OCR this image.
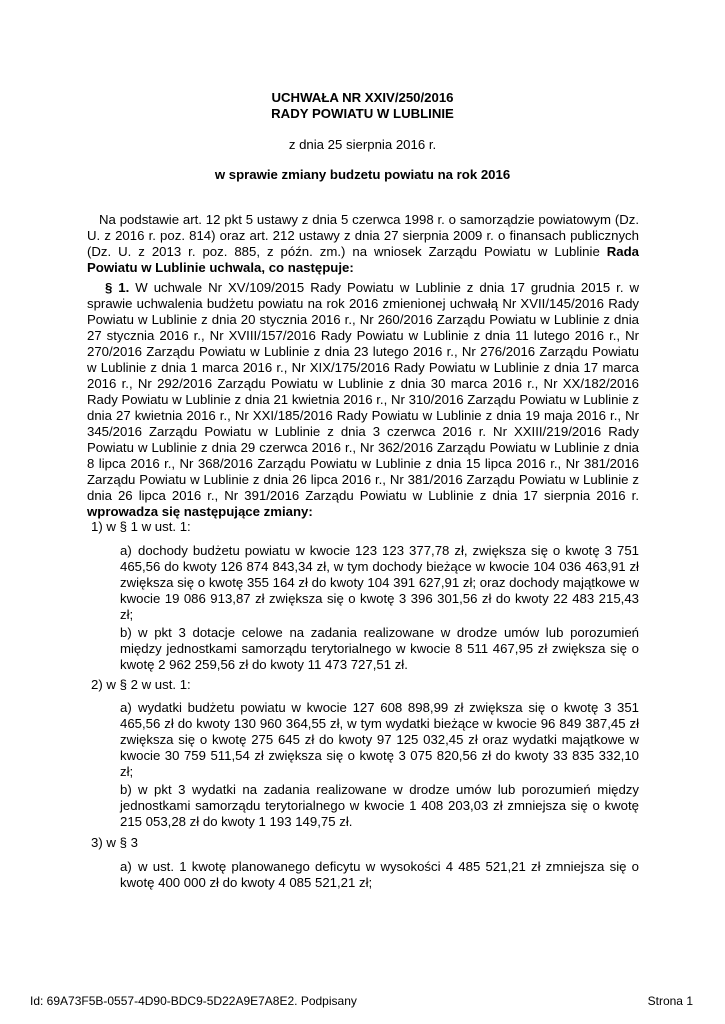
UCHWAŁA NR XXIV/250/2016
RADY POWIATU W LUBLINIE
z dnia 25 sierpnia 2016 r.
w sprawie zmiany budzetu powiatu na rok 2016
Na podstawie art. 12 pkt 5 ustawy z dnia 5 czerwca 1998 r. o samorządzie powiatowym (Dz. U. z 2016 r. poz. 814) oraz art. 212 ustawy z dnia 27 sierpnia 2009 r. o finansach publicznych (Dz. U. z 2013 r. poz. 885, z późn. zm.) na wniosek Zarządu Powiatu w Lublinie Rada Powiatu w Lublinie uchwala, co następuje:
§ 1. W uchwale Nr XV/109/2015 Rady Powiatu w Lublinie z dnia 17 grudnia 2015 r. w sprawie uchwalenia budżetu powiatu na rok 2016 zmienionej uchwałą Nr XVII/145/2016 Rady Powiatu w Lublinie z dnia 20 stycznia 2016 r., Nr 260/2016 Zarządu Powiatu w Lublinie z dnia 27 stycznia 2016 r., Nr XVIII/157/2016 Rady Powiatu w Lublinie z dnia 11 lutego 2016 r., Nr 270/2016 Zarządu Powiatu w Lublinie z dnia 23 lutego 2016 r., Nr 276/2016 Zarządu Powiatu w Lublinie z dnia 1 marca 2016 r., Nr XIX/175/2016 Rady Powiatu w Lublinie z dnia 17 marca 2016 r., Nr 292/2016 Zarządu Powiatu w Lublinie z dnia 30 marca 2016 r., Nr XX/182/2016 Rady Powiatu w Lublinie z dnia 21 kwietnia 2016 r., Nr 310/2016 Zarządu Powiatu w Lublinie z dnia 27 kwietnia 2016 r., Nr XXI/185/2016 Rady Powiatu w Lublinie z dnia 19 maja 2016 r., Nr 345/2016 Zarządu Powiatu w Lublinie z dnia 3 czerwca 2016 r. Nr XXIII/219/2016 Rady Powiatu w Lublinie z dnia 29 czerwca 2016 r., Nr 362/2016 Zarządu Powiatu w Lublinie z dnia 8 lipca 2016 r., Nr 368/2016 Zarządu Powiatu w Lublinie z dnia 15 lipca 2016 r., Nr 381/2016 Zarządu Powiatu w Lublinie z dnia 26 lipca 2016 r., Nr 381/2016 Zarządu Powiatu w Lublinie z dnia 26 lipca 2016 r., Nr 391/2016 Zarządu Powiatu w Lublinie z dnia 17 sierpnia 2016 r. wprowadza się następujące zmiany:
1) w § 1 w ust. 1:
a) dochody budżetu powiatu w kwocie 123 123 377,78 zł, zwiększa się o kwotę 3 751 465,56 do kwoty 126 874 843,34 zł, w tym dochody bieżące w kwocie 104 036 463,91 zł zwiększa się o kwotę 355 164 zł do kwoty 104 391 627,91 zł; oraz dochody majątkowe w kwocie 19 086 913,87 zł zwiększa się o kwotę 3 396 301,56 zł do kwoty 22 483 215,43 zł;
b) w pkt 3 dotacje celowe na zadania realizowane w drodze umów lub porozumień między jednostkami samorządu terytorialnego w kwocie 8 511 467,95 zł zwiększa się o kwotę 2 962 259,56 zł do kwoty 11 473 727,51 zł.
2) w § 2 w ust. 1:
a) wydatki budżetu powiatu w kwocie 127 608 898,99 zł zwiększa się o kwotę 3 351 465,56 zł do kwoty 130 960 364,55 zł, w tym wydatki bieżące w kwocie 96 849 387,45 zł zwiększa się o kwotę 275 645 zł do kwoty 97 125 032,45 zł oraz wydatki majątkowe w kwocie 30 759 511,54 zł zwiększa się o kwotę 3 075 820,56 zł do kwoty 33 835 332,10 zł;
b) w pkt 3 wydatki na zadania realizowane w drodze umów lub porozumień między jednostkami samorządu terytorialnego w kwocie 1 408 203,03 zł zmniejsza się o kwotę 215 053,28 zł do kwoty 1 193 149,75 zł.
3) w § 3
a) w ust. 1 kwotę planowanego deficytu w wysokości 4 485 521,21 zł zmniejsza się o kwotę 400 000 zł do kwoty 4 085 521,21 zł;
Id: 69A73F5B-0557-4D90-BDC9-5D22A9E7A8E2. Podpisany	Strona 1
